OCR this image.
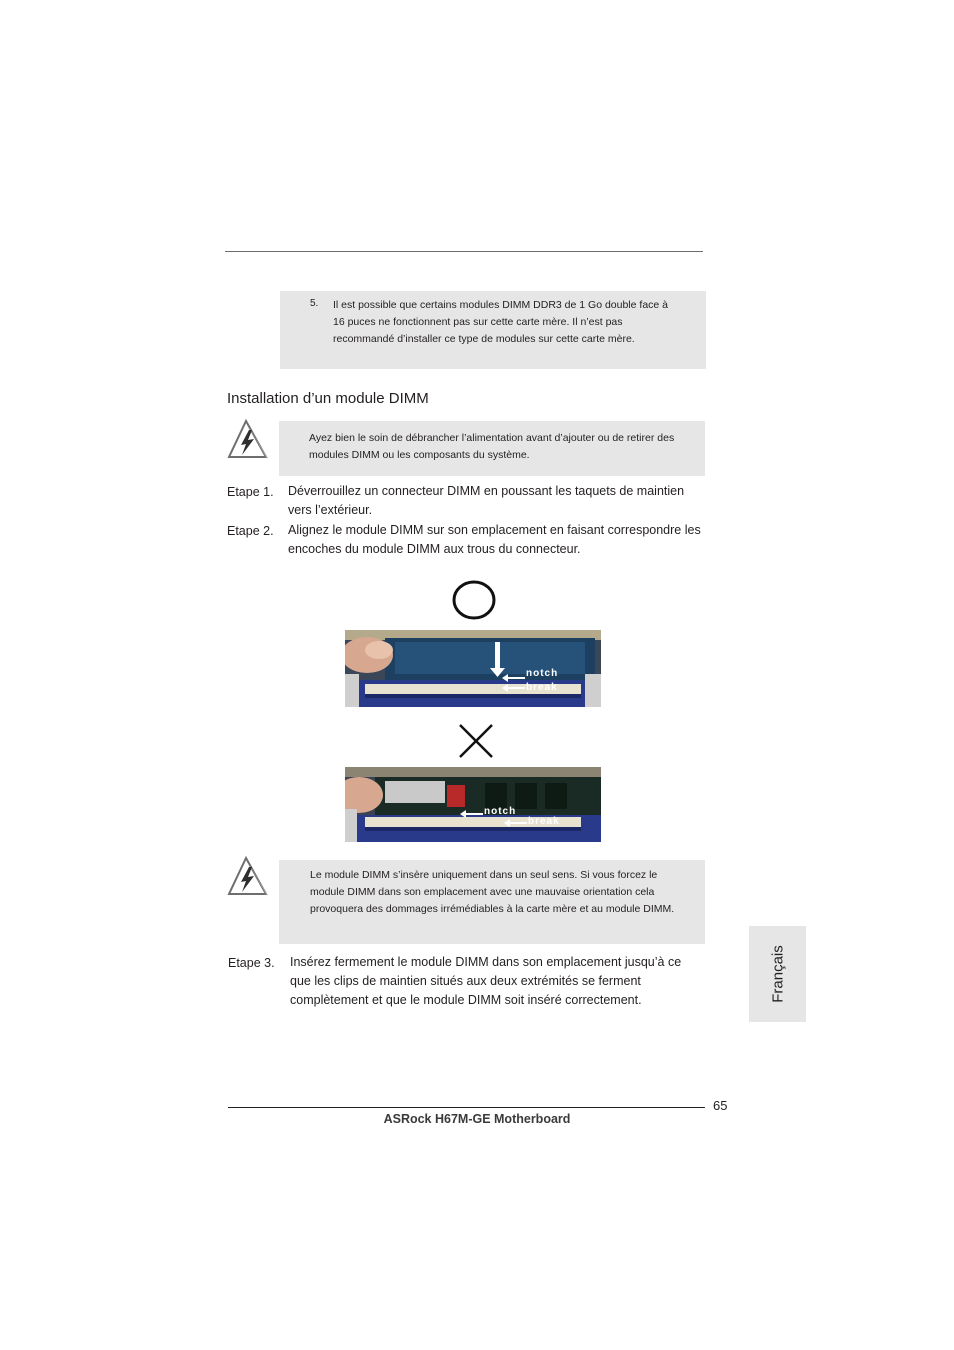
5. Il est possible que certains modules DIMM DDR3 de 1 Go double face à 16 puces ne fonctionnent pas sur cette carte mère. Il n’est pas recommandé d’installer ce type de modules sur cette carte mère.
Installation d’un module DIMM
Ayez bien le soin de débrancher l’alimentation avant d’ajouter ou de retirer des modules DIMM ou les composants du système.
Etape 1. Déverrouillez un connecteur DIMM en poussant les taquets de maintien vers l’extérieur.
Etape 2. Alignez le module DIMM sur son emplacement en faisant correspondre les encoches du module DIMM aux trous du connecteur.
notch
break
notch
break
Le module DIMM s’insère uniquement dans un seul sens. Si vous forcez le module DIMM dans son emplacement avec une mauvaise orientation cela provoquera des dommages irrémédiables à la carte mère et au module DIMM.
Etape 3. Insérez fermement le module DIMM dans son emplacement jusqu’à ce que les clips de maintien situés aux deux extrémités se ferment complètement et que le module DIMM soit inséré correctement.	Français
65
ASRock H67M-GE Motherboard
